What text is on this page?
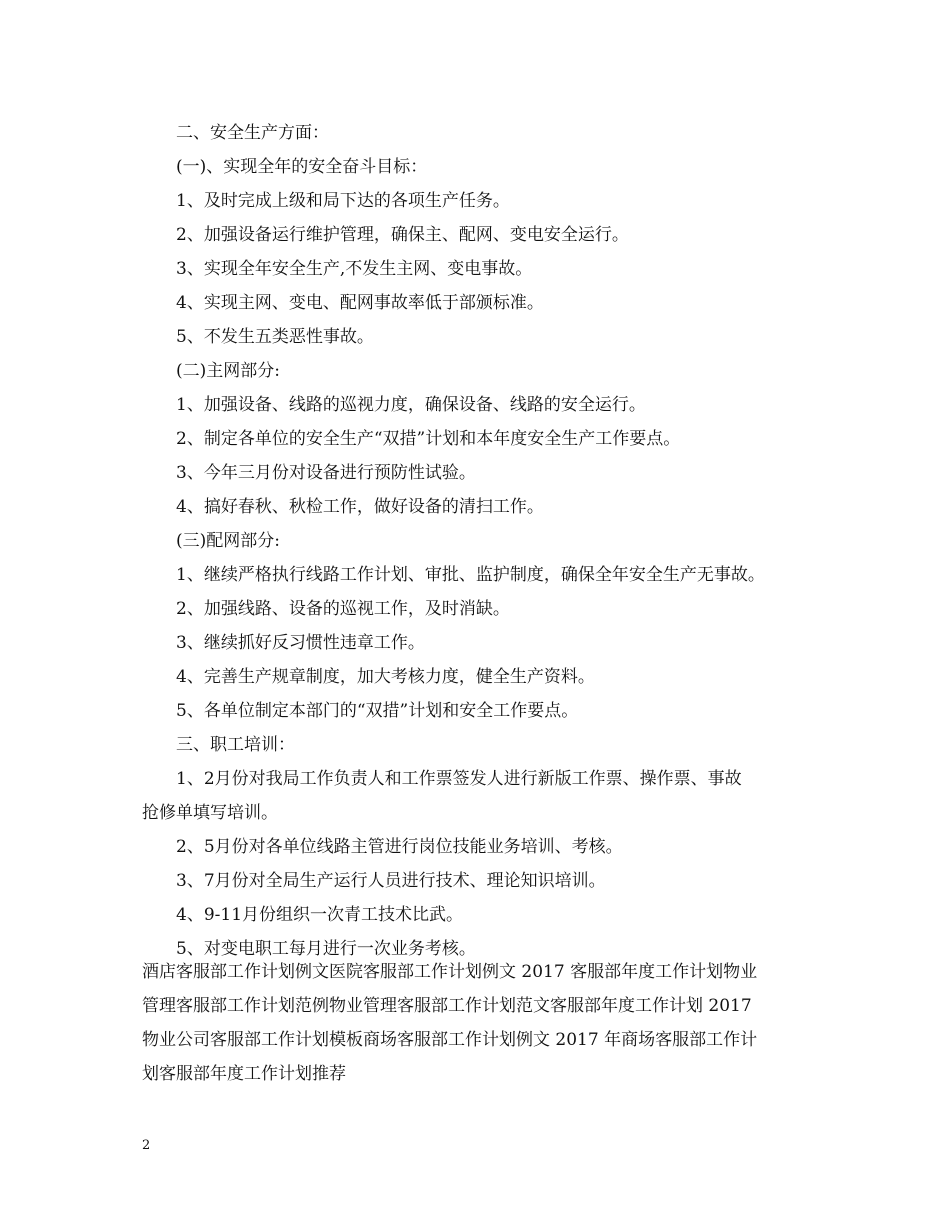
二、安全生产方面：
(一)、实现全年的安全奋斗目标：
1、及时完成上级和局下达的各项生产任务。
2、加强设备运行维护管理，确保主、配网、变电安全运行。
3、实现全年安全生产,不发生主网、变电事故。
4、实现主网、变电、配网事故率低于部颁标准。
5、不发生五类恶性事故。
(二)主网部分:
1、加强设备、线路的巡视力度，确保设备、线路的安全运行。
2、制定各单位的安全生产“双措”计划和本年度安全生产工作要点。
3、今年三月份对设备进行预防性试验。
4、搞好春秋、秋检工作，做好设备的清扫工作。
(三)配网部分:
1、继续严格执行线路工作计划、审批、监护制度，确保全年安全生产无事故。
2、加强线路、设备的巡视工作，及时消缺。
3、继续抓好反习惯性违章工作。
4、完善生产规章制度，加大考核力度，健全生产资料。
5、各单位制定本部门的“双措”计划和安全工作要点。
三、职工培训：
1、2月份对我局工作负责人和工作票签发人进行新版工作票、操作票、事故
抢修单填写培训。
2、5月份对各单位线路主管进行岗位技能业务培训、考核。
3、7月份对全局生产运行人员进行技术、理论知识培训。
4、9-11月份组织一次青工技术比武。
5、对变电职工每月进行一次业务考核。
酒店客服部工作计划例文医院客服部工作计划例文 2017 客服部年度工作计划物业
管理客服部工作计划范例物业管理客服部工作计划范文客服部年度工作计划 2017
物业公司客服部工作计划模板商场客服部工作计划例文 2017 年商场客服部工作计
划客服部年度工作计划推荐
2
